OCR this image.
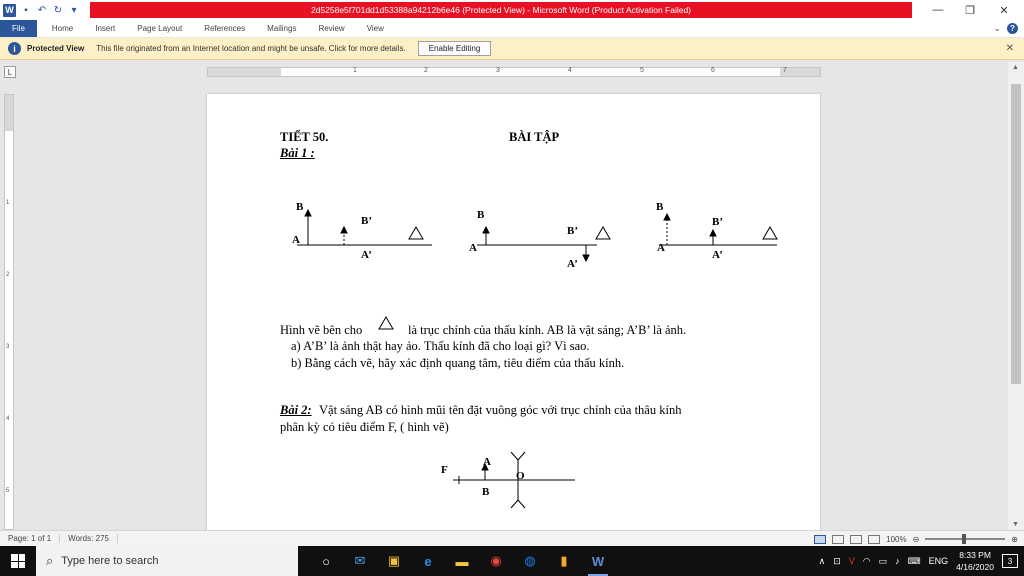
W	▪	↶ ↻ ▾	2d5258e5f701dd1d53388a94212b6e46 (Protected View) - Microsoft Word (Product Activation Failed)	—	❐	✕
File	Home	Insert	Page Layout	References	Mailings	Review	View	⌄	?
i	Protected View This file originated from an Internet location and might be unsafe. Click for more details.	Enable Editing	✕
L	1	2	3	4	5	6	7
1
2
3
4
5
▲
▼
TIẾT 50.	BÀI TẬP
Bài 1 :
B
A
B’
A’
B
A
B’
A’
B
A
B’
A’
Hình vẽ bên cho	là trục chính của thấu kính. AB là vật sáng; A’B’ là ảnh.
a) A’B’ là ảnh thật hay ảo. Thấu kính đã cho loại gì? Vì sao.
b) Bằng cách vẽ, hãy xác định quang tâm, tiêu điểm của thấu kính.
Bài 2: Vật sáng AB có hình mũi tên đặt vuông góc với trục chính của thâu kính
phân kỳ có tiêu điểm F, ( hình vẽ)
F
A
O
B
Page: 1 of 1	Words: 275	100% ⊖	⊕
⌕ Type here to search	○	✉	▣	e	▬	◉	◍	▮	W	∧ ⊡ V ◠ ▭ ♪ ⌨ ENG
8:33 PM
4/16/2020
3
